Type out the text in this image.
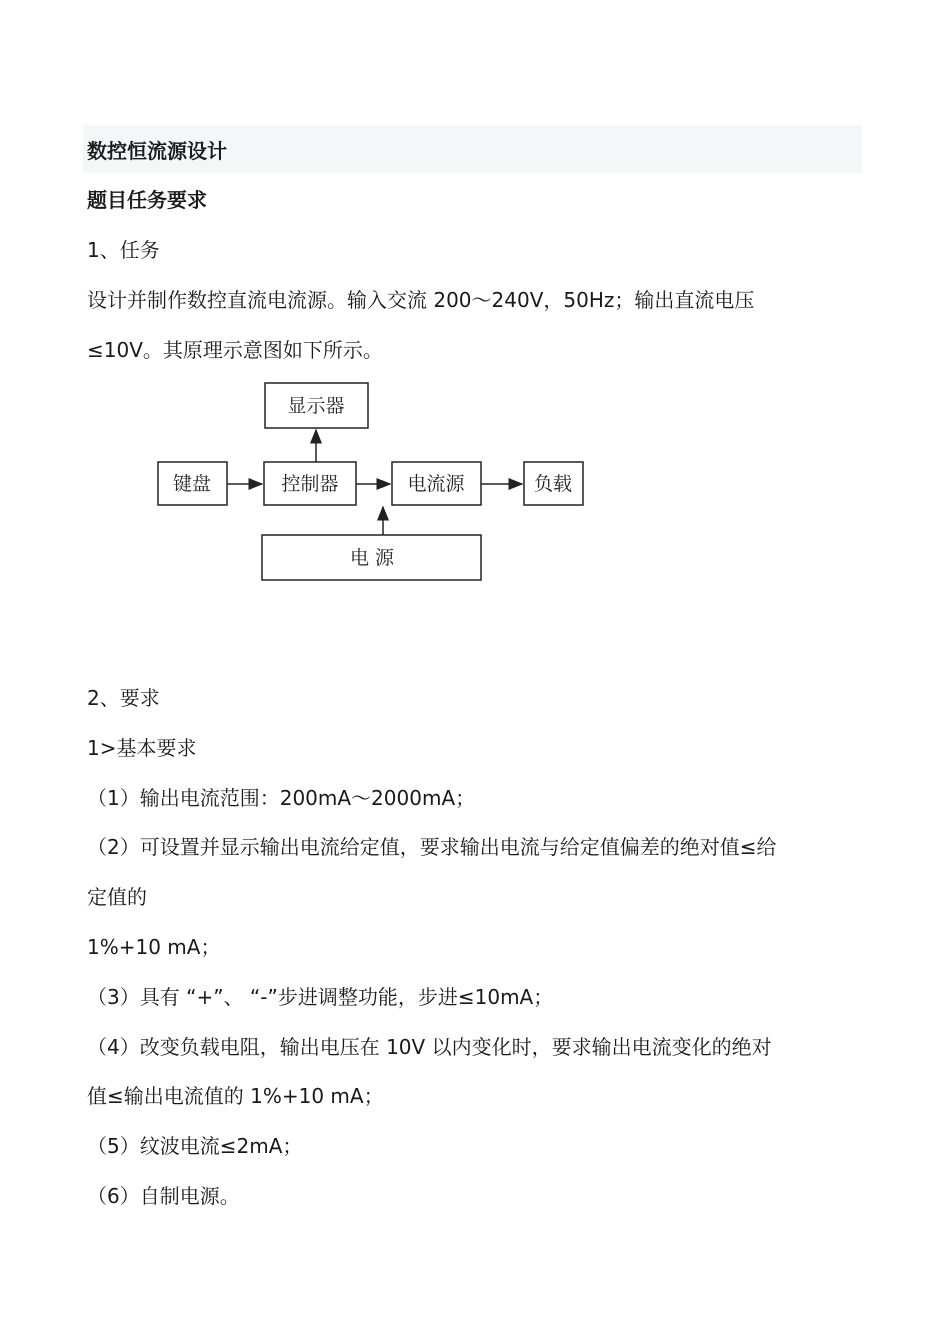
数控恒流源设计
题目任务要求
1、任务
设计并制作数控直流电流源。输入交流 200～240V，50Hz；输出直流电压
≤10V。其原理示意图如下所示。
显示器
键盘	控制器	电流源	负载
电 源
2、要求
1>基本要求
（1）输出电流范围：200mA～2000mA；
（2）可设置并显示输出电流给定值，要求输出电流与给定值偏差的绝对值≤给
定值的
1%+10 mA；
（3）具有 “+”、 “-”步进调整功能，步进≤10mA；
（4）改变负载电阻，输出电压在 10V 以内变化时，要求输出电流变化的绝对
值≤输出电流值的 1%+10 mA；
（5）纹波电流≤2mA；
（6）自制电源。
